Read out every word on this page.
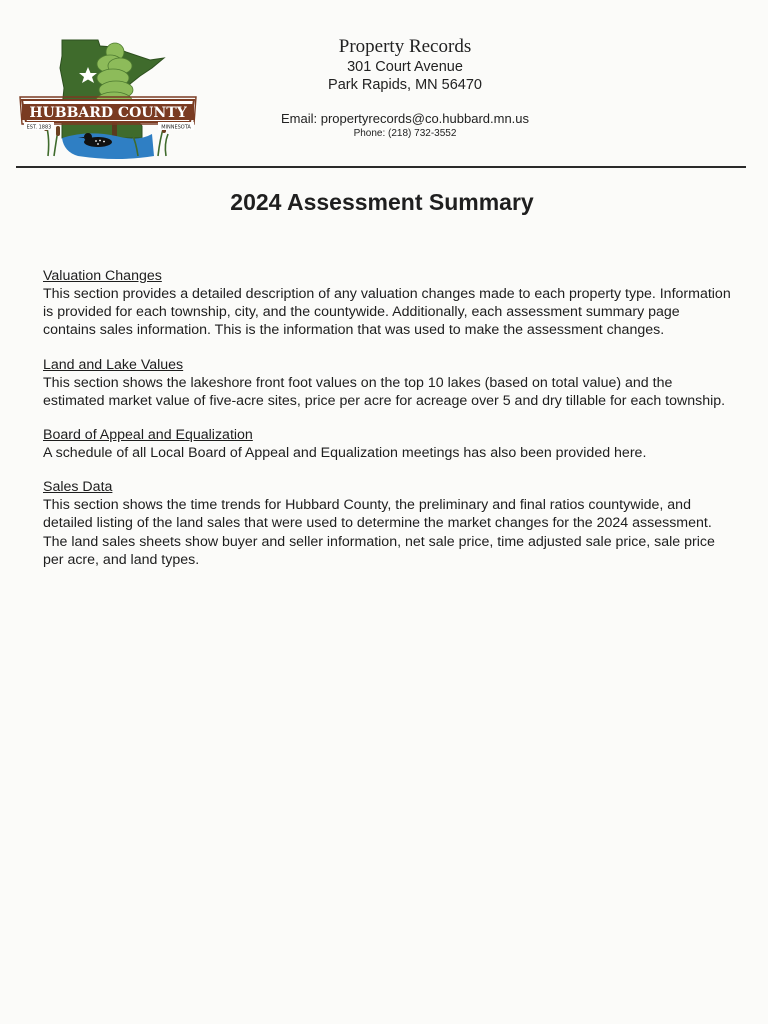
HUBBARD COUNTY
EST. 1883	MINNESOTA
Property Records
301 Court Avenue
Park Rapids, MN 56470
Email: propertyrecords@co.hubbard.mn.us
Phone: (218) 732-3552
2024 Assessment Summary
Valuation Changes

This section provides a detailed description of any valuation changes made to each property type. Information is provided for each township, city, and the countywide. Additionally, each assessment summary page contains sales information. This is the information that was used to make the assessment changes.

Land and Lake Values

This section shows the lakeshore front foot values on the top 10 lakes (based on total value) and the estimated market value of five-acre sites, price per acre for acreage over 5 and dry tillable for each township.

Board of Appeal and Equalization

A schedule of all Local Board of Appeal and Equalization meetings has also been provided here.

Sales Data

This section shows the time trends for Hubbard County, the preliminary and final ratios countywide, and detailed listing of the land sales that were used to determine the market changes for the 2024 assessment. The land sales sheets show buyer and seller information, net sale price, time adjusted sale price, sale price per acre, and land types.
